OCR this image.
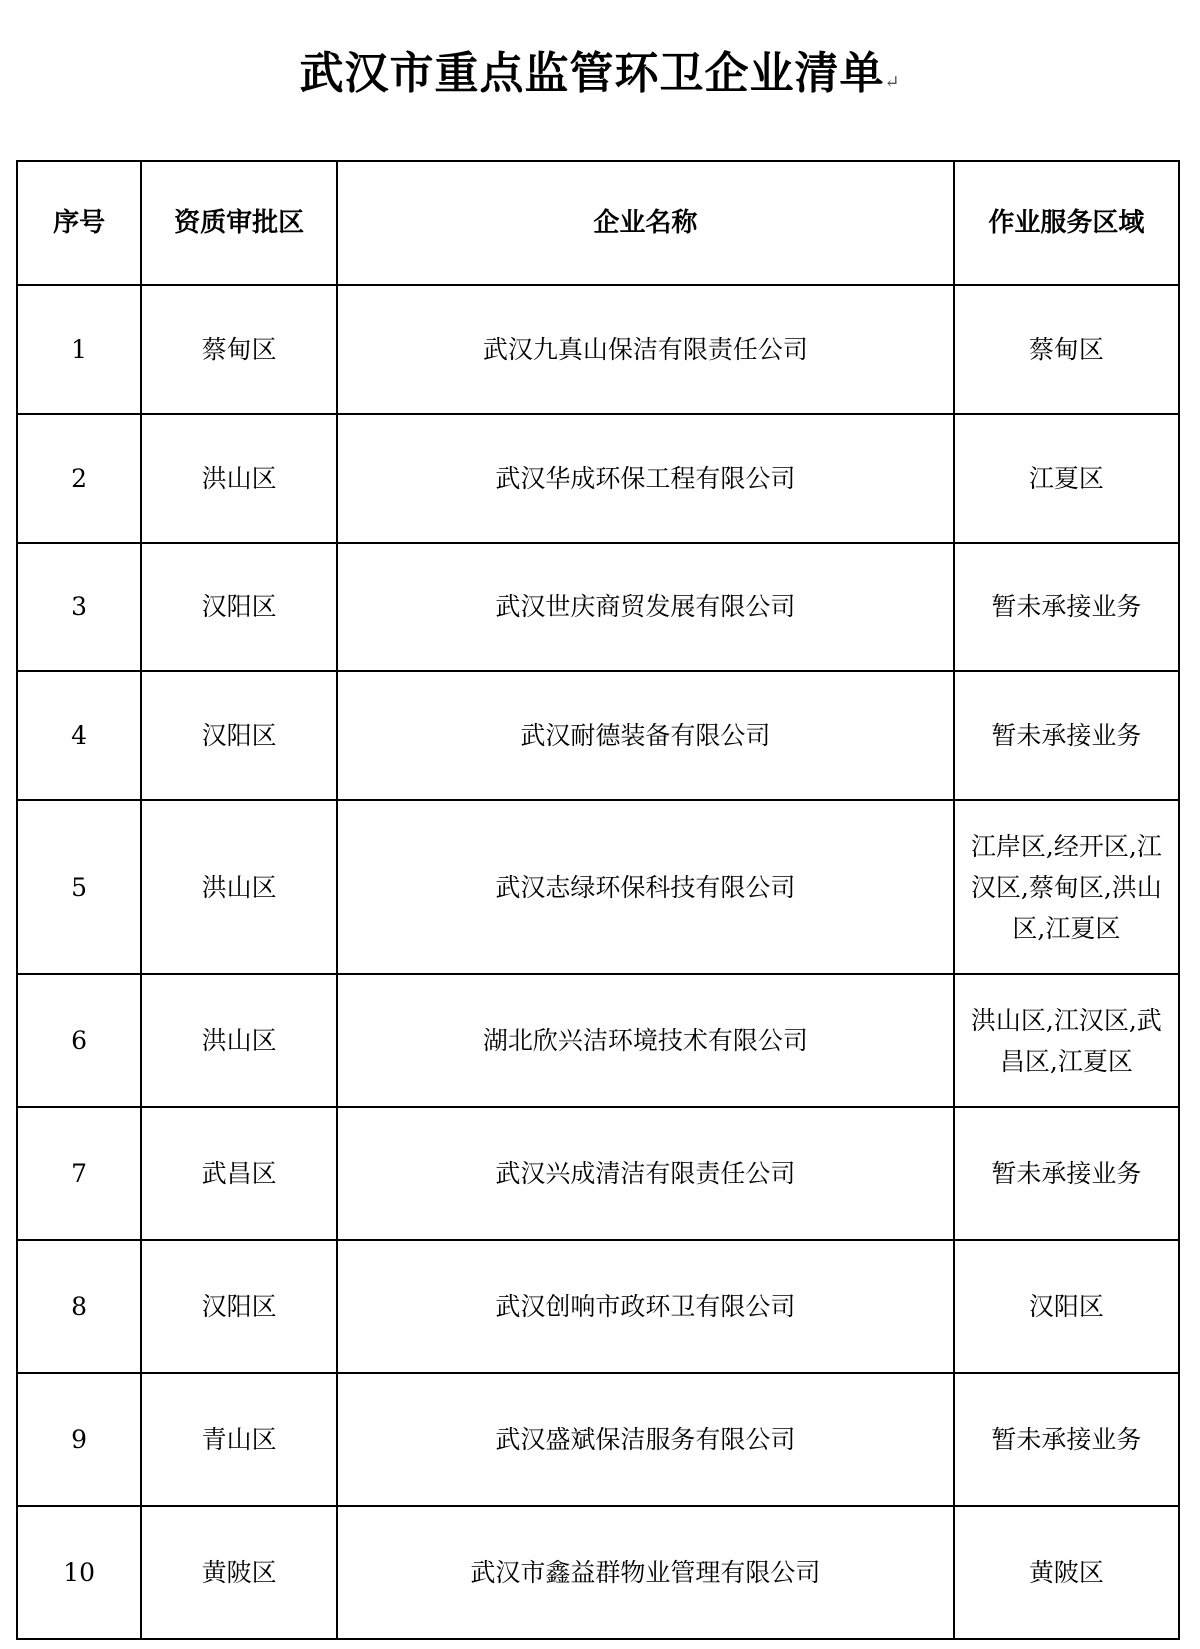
武汉市重点监管环卫企业清单↵
序号	资质审批区	企业名称	作业服务区域
1	蔡甸区	武汉九真山保洁有限责任公司	蔡甸区
2	洪山区	武汉华成环保工程有限公司	江夏区
3	汉阳区	武汉世庆商贸发展有限公司	暂未承接业务
4	汉阳区	武汉耐德装备有限公司	暂未承接业务
5	洪山区	武汉志绿环保科技有限公司	江岸区,经开区,江汉区,蔡甸区,洪山区,江夏区
6	洪山区	湖北欣兴洁环境技术有限公司	洪山区,江汉区,武昌区,江夏区
7	武昌区	武汉兴成清洁有限责任公司	暂未承接业务
8	汉阳区	武汉创响市政环卫有限公司	汉阳区
9	青山区	武汉盛斌保洁服务有限公司	暂未承接业务
10	黄陂区	武汉市鑫益群物业管理有限公司	黄陂区
